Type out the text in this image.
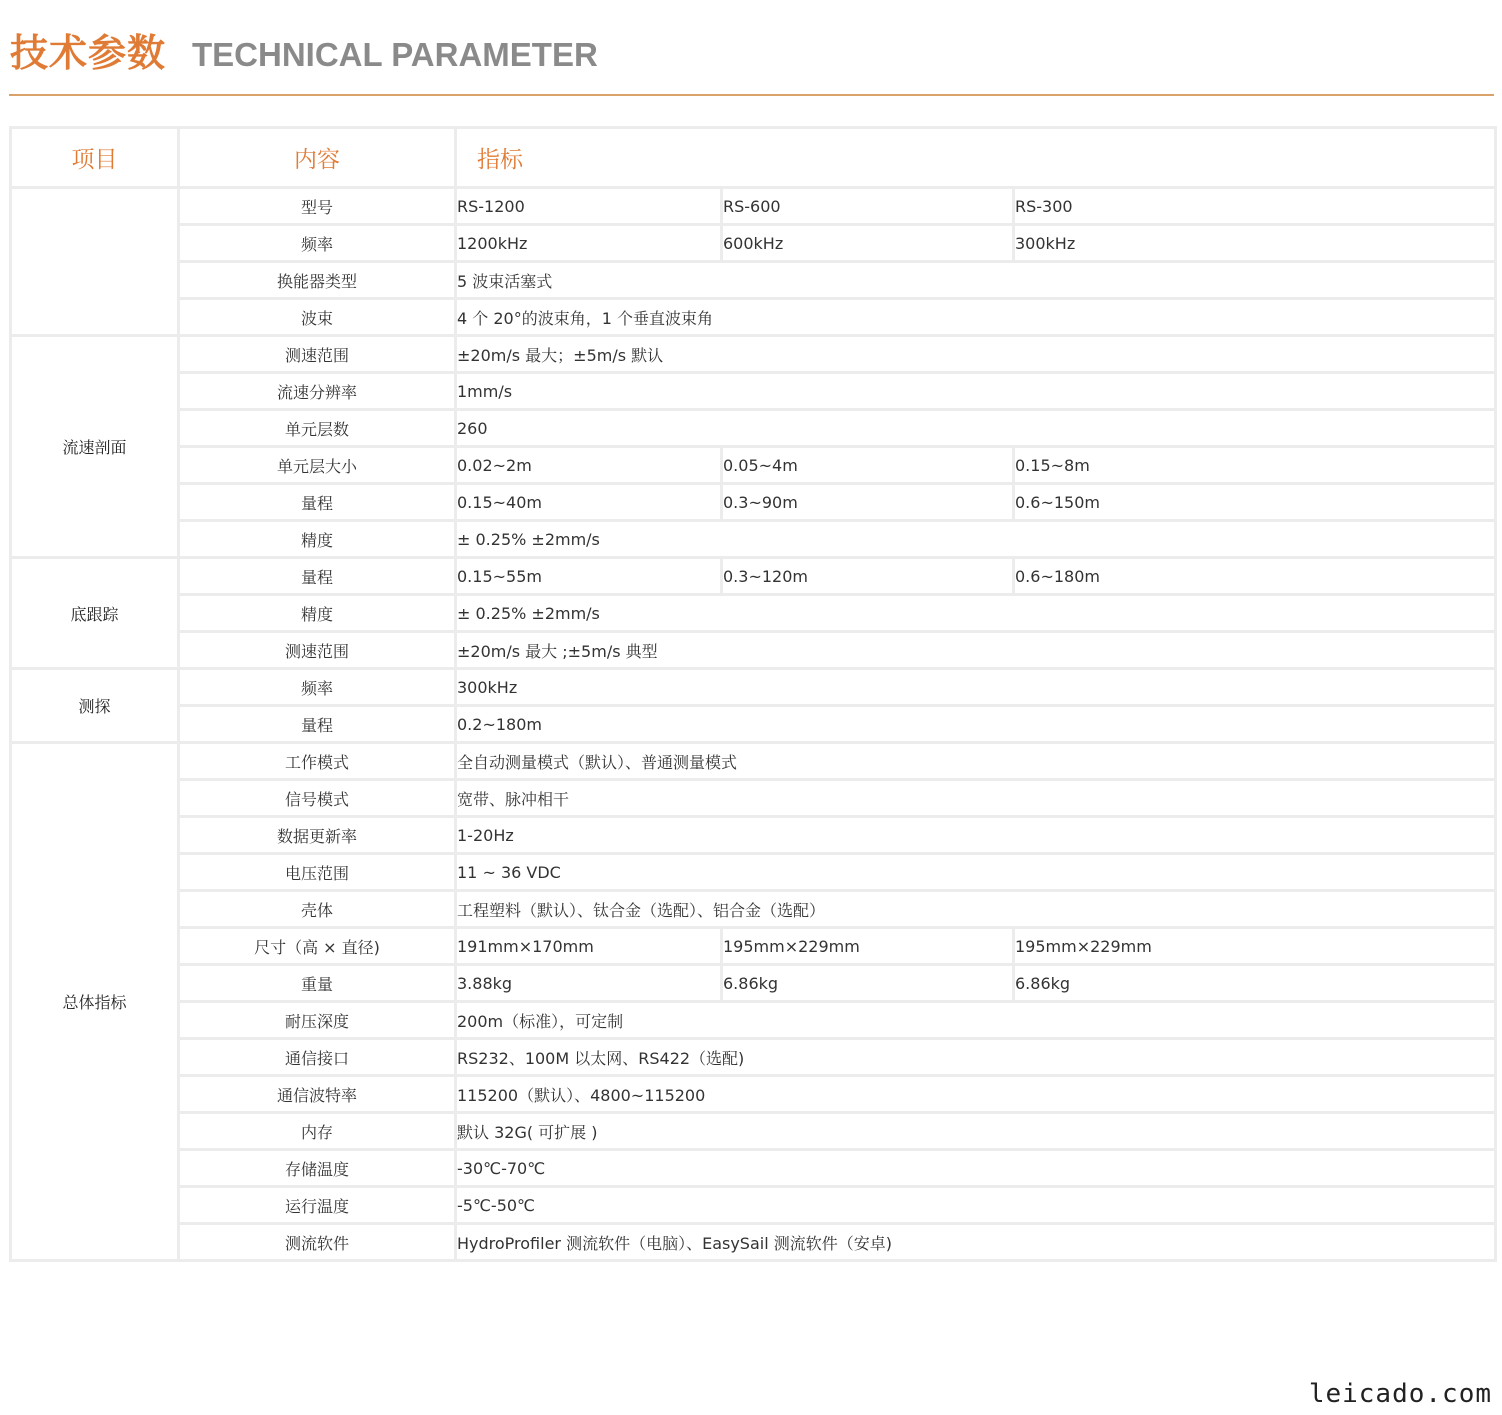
技术参数 TECHNICAL PARAMETER
项目	内容	指标		
	型号	RS-1200	RS-600	RS-300
	频率	1200kHz	600kHz	300kHz
	换能器类型	5 波束活塞式		
	波束	4 个 20°的波束角，1 个垂直波束角		
流速剖面	测速范围	±20m/s 最大；±5m/s 默认		
	流速分辨率	1mm/s		
	单元层数	260		
	单元层大小	0.02~2m	0.05~4m	0.15~8m
	量程	0.15~40m	0.3~90m	0.6~150m
	精度	± 0.25% ±2mm/s		
底跟踪	量程	0.15~55m	0.3~120m	0.6~180m
	精度	± 0.25% ±2mm/s		
	测速范围	±20m/s 最大 ;±5m/s 典型		
测探	频率	300kHz		
	量程	0.2~180m		
总体指标	工作模式	全自动测量模式（默认）、普通测量模式		
	信号模式	宽带、脉冲相干		
	数据更新率	1-20Hz		
	电压范围	11 ~ 36 VDC		
	壳体	工程塑料（默认）、钛合金（选配）、铝合金（选配）		
	尺寸（高 × 直径)	191mm×170mm	195mm×229mm	195mm×229mm
	重量	3.88kg	6.86kg	6.86kg
	耐压深度	200m（标准），可定制		
	通信接口	RS232、100M 以太网、RS422（选配)		
	通信波特率	115200（默认）、4800~115200		
	内存	默认 32G( 可扩展 )		
	存储温度	-30℃-70℃		
	运行温度	-5℃-50℃		
	测流软件	HydroProfiler 测流软件（电脑）、EasySail 测流软件（安卓)		
leicado.com
